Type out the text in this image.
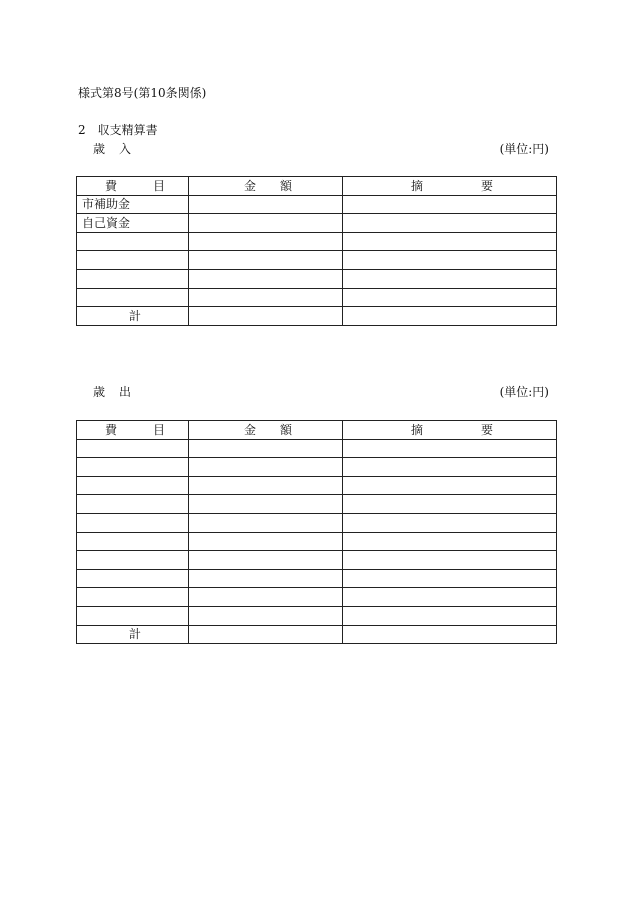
様式第8号(第10条関係)
2　収支精算書
歳入	(単位:円)
費目	金額	摘要
市補助金		
自己資金		

計		
歳出	(単位:円)
費目	金額	摘要

計		
